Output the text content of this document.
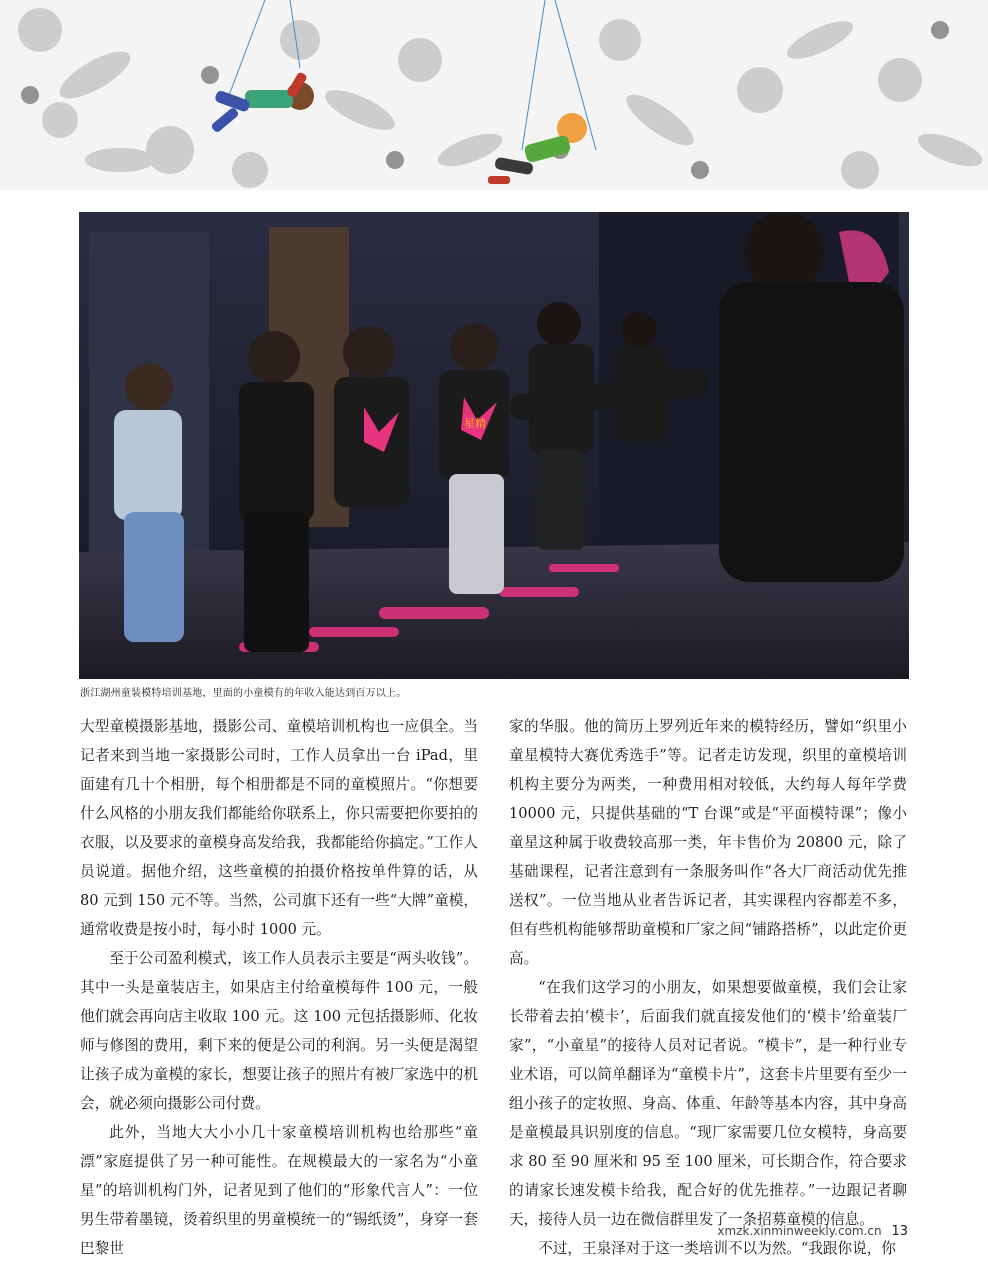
星精
浙江湖州童装模特培训基地，里面的小童模有的年收入能达到百万以上。

大型童模摄影基地，摄影公司、童模培训机构也一应俱全。当记者来到当地一家摄影公司时，工作人员拿出一台 iPad，里面建有几十个相册，每个相册都是不同的童模照片。“你想要什么风格的小朋友我们都能给你联系上，你只需要把你要拍的衣服，以及要求的童模身高发给我，我都能给你搞定。”工作人员说道。据他介绍，这些童模的拍摄价格按单件算的话，从 80 元到 150 元不等。当然，公司旗下还有一些“大牌”童模，通常收费是按小时，每小时 1000 元。

至于公司盈利模式，该工作人员表示主要是“两头收钱”。其中一头是童装店主，如果店主付给童模每件 100 元，一般他们就会再向店主收取 100 元。这 100 元包括摄影师、化妆师与修图的费用，剩下来的便是公司的利润。另一头便是渴望让孩子成为童模的家长，想要让孩子的照片有被厂家选中的机会，就必须向摄影公司付费。

此外，当地大大小小几十家童模培训机构也给那些“童漂”家庭提供了另一种可能性。在规模最大的一家名为“小童星”的培训机构门外，记者见到了他们的“形象代言人”：一位男生带着墨镜，烫着织里的男童模统一的“锡纸烫”，身穿一套巴黎世

家的华服。他的简历上罗列近年来的模特经历，譬如“织里小童星模特大赛优秀选手”等。记者走访发现，织里的童模培训机构主要分为两类，一种费用相对较低，大约每人每年学费 10000 元，只提供基础的“T 台课”或是“平面模特课”；像小童星这种属于收费较高那一类，年卡售价为 20800 元，除了基础课程，记者注意到有一条服务叫作“各大厂商活动优先推送权”。一位当地从业者告诉记者，其实课程内容都差不多，但有些机构能够帮助童模和厂家之间“铺路搭桥”，以此定价更高。

“在我们这学习的小朋友，如果想要做童模，我们会让家长带着去拍‘模卡’，后面我们就直接发他们的‘模卡’给童装厂家”，“小童星”的接待人员对记者说。“模卡”，是一种行业专业术语，可以简单翻译为“童模卡片”，这套卡片里要有至少一组小孩子的定妆照、身高、体重、年龄等基本内容，其中身高是童模最具识别度的信息。“现厂家需要几位女模特，身高要求 80 至 90 厘米和 95 至 100 厘米，可长期合作，符合要求的请家长速发模卡给我，配合好的优先推荐。”一边跟记者聊天，接待人员一边在微信群里发了一条招募童模的信息。

不过，王泉泽对于这一类培训不以为然。“我跟你说，你

xmzk.xinminweekly.com.cn 13
